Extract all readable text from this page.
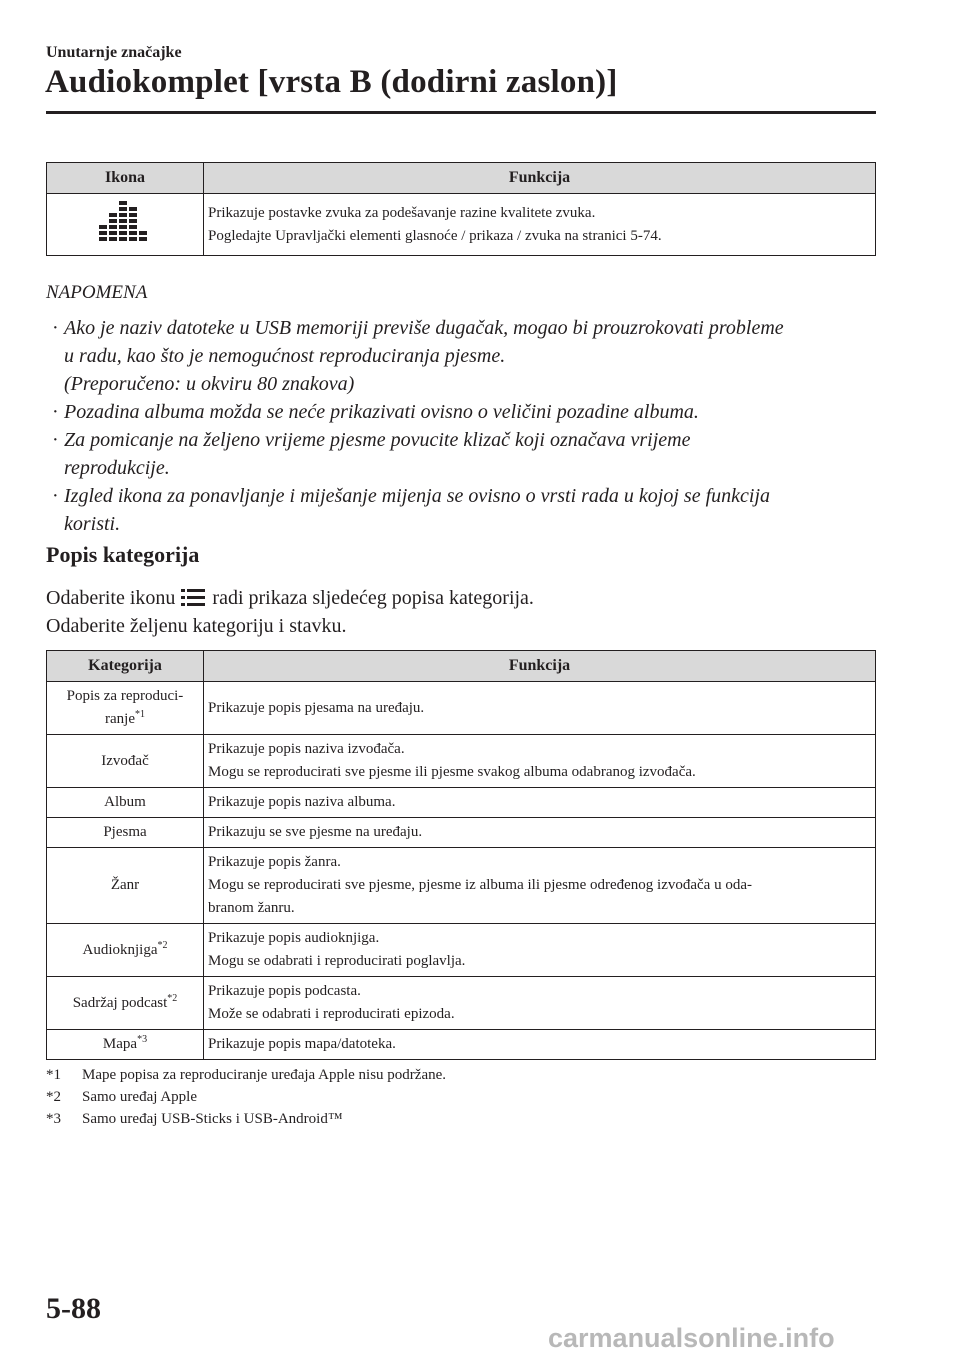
Unutarnje značajke
Audiokomplet [vrsta B (dodirni zaslon)]
Ikona	Funkcija

Prikazuje postavke zvuka za podešavanje razine kvalitete zvuka.
Pogledajte Upravljački elementi glasnoće / prikaza / zvuka na stranici 5-74.
NAPOMENA
· Ako je naziv datoteke u USB memoriji previše dugačak, mogao bi prouzrokovati probleme
u radu, kao što je nemogućnost reproduciranja pjesme.
(Preporučeno: u okviru 80 znakova)
· Pozadina albuma možda se neće prikazivati ovisno o veličini pozadine albuma.
· Za pomicanje na željeno vrijeme pjesme povucite klizač koji označava vrijeme
reprodukcije.
· Izgled ikona za ponavljanje i miješanje mijenja se ovisno o vrsti rada u kojoj se funkcija
koristi.
Popis kategorija
Odaberite ikonu radi prikaza sljedećeg popisa kategorija.
Odaberite željenu kategoriju i stavku.
Kategorija	Funkcija

Popis za reproduci-
ranje$^{*1}$	Prikazuje popis pjesama na uređaju.

Izvođač	Prikazuje popis naziva izvođača.
Mogu se reproducirati sve pjesme ili pjesme svakog albuma odabranog izvođača.

Album	Prikazuje popis naziva albuma.

Pjesma	Prikazuju se sve pjesme na uređaju.

Žanr	Prikazuje popis žanra.
Mogu se reproducirati sve pjesme, pjesme iz albuma ili pjesme određenog izvođača u oda-
branom žanru.

Audioknjiga$^{*2}$	Prikazuje popis audioknjiga.
Mogu se odabrati i reproducirati poglavlja.

Sadržaj podcast$^{*2}$	Prikazuje popis podcasta.
Može se odabrati i reproducirati epizoda.

Mapa$^{*3}$	Prikazuje popis mapa/datoteka.
*1	Mape popisa za reproduciranje uređaja Apple nisu podržane.
*2	Samo uređaj Apple
*3	Samo uređaj USB-Sticks i USB-Android™
5-88
carmanualsonline.info
